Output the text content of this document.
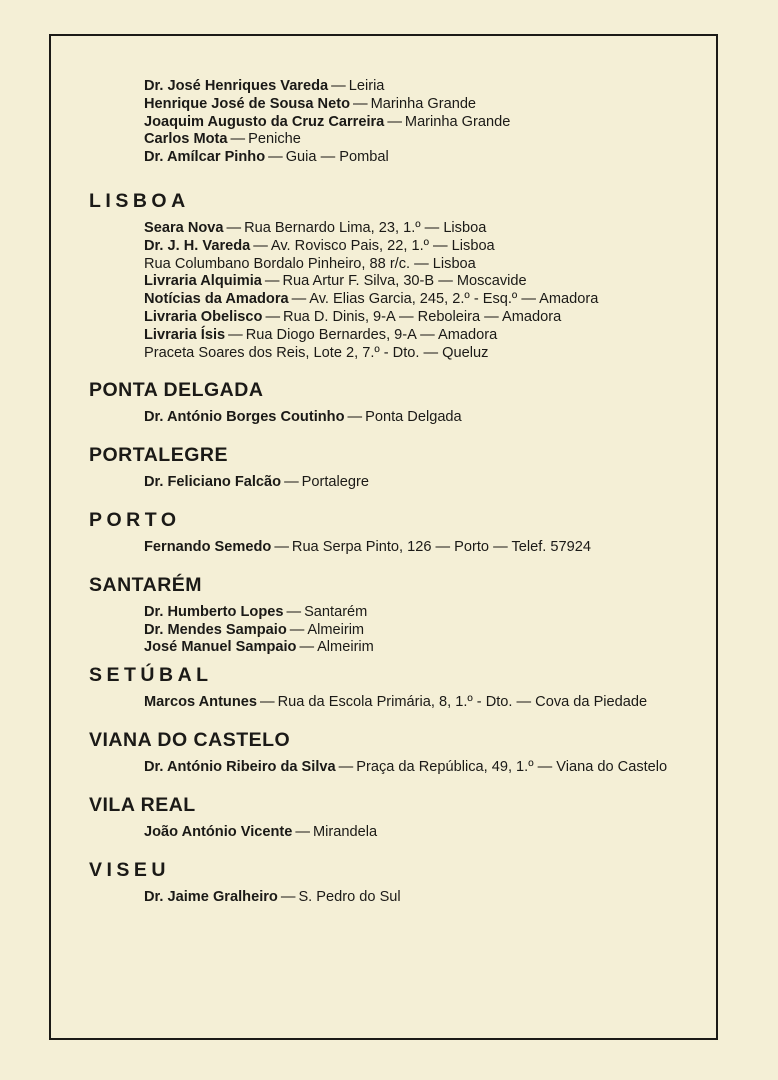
Dr. José Henriques Vareda — Leiria
Henrique José de Sousa Neto — Marinha Grande
Joaquim Augusto da Cruz Carreira — Marinha Grande
Carlos Mota — Peniche
Dr. Amílcar Pinho — Guia — Pombal
LISBOA
Seara Nova — Rua Bernardo Lima, 23, 1.º — Lisboa
Dr. J. H. Vareda — Av. Rovisco Pais, 22, 1.º — Lisboa
Rua Columbano Bordalo Pinheiro, 88 r/c. — Lisboa
Livraria Alquimia — Rua Artur F. Silva, 30-B — Moscavide
Notícias da Amadora — Av. Elias Garcia, 245, 2.º - Esq.º — Amadora
Livraria Obelisco — Rua D. Dinis, 9-A — Reboleira — Amadora
Livraria Ísis — Rua Diogo Bernardes, 9-A — Amadora
Praceta Soares dos Reis, Lote 2, 7.º - Dto. — Queluz
PONTA DELGADA
Dr. António Borges Coutinho — Ponta Delgada
PORTALEGRE
Dr. Feliciano Falcão — Portalegre
PORTO
Fernando Semedo — Rua Serpa Pinto, 126 — Porto — Telef. 57924
SANTARÉM
Dr. Humberto Lopes — Santarém
Dr. Mendes Sampaio — Almeirim
José Manuel Sampaio — Almeirim
SETÚBAL
Marcos Antunes — Rua da Escola Primária, 8, 1.º - Dto. — Cova da Piedade
VIANA DO CASTELO
Dr. António Ribeiro da Silva — Praça da República, 49, 1.º — Viana do Castelo
VILA REAL
João António Vicente — Mirandela
VISEU
Dr. Jaime Gralheiro — S. Pedro do Sul
